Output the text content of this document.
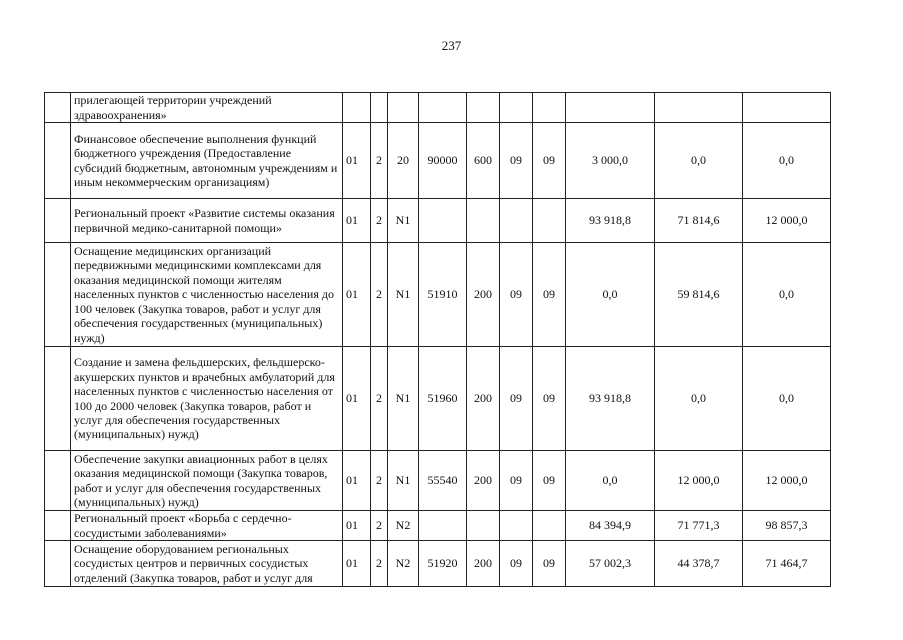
237
	прилегающей территории учреждений здравоохранения»										
	Финансовое обеспечение выполнения функций бюджетного учреждения (Предоставление субсидий бюджетным, автономным учреждениям и иным некоммерческим организациям)	01	2	20	90000	600	09	09	3 000,0	0,0	0,0
	Региональный проект «Развитие системы оказания первичной медико-санитарной помощи»	01	2	N1					93 918,8	71 814,6	12 000,0
	Оснащение медицинских организаций передвижными медицинскими комплексами для оказания медицинской помощи жителям населенных пунктов с численностью населения до 100 человек (Закупка товаров, работ и услуг для обеспечения государственных (муниципальных) нужд)	01	2	N1	51910	200	09	09	0,0	59 814,6	0,0
	Создание и замена фельдшерских, фельдшерско-акушерских пунктов и врачебных амбулаторий для населенных пунктов с численностью населения от 100 до 2000 человек (Закупка товаров, работ и услуг для обеспечения государственных (муниципальных) нужд)	01	2	N1	51960	200	09	09	93 918,8	0,0	0,0
	Обеспечение закупки авиационных работ в целях оказания медицинской помощи (Закупка товаров, работ и услуг для обеспечения государственных (муниципальных) нужд)	01	2	N1	55540	200	09	09	0,0	12 000,0	12 000,0
	Региональный проект «Борьба с сердечно-сосудистыми заболеваниями»	01	2	N2					84 394,9	71 771,3	98 857,3
	Оснащение оборудованием региональных сосудистых центров и первичных сосудистых отделений (Закупка товаров, работ и услуг для	01	2	N2	51920	200	09	09	57 002,3	44 378,7	71 464,7
